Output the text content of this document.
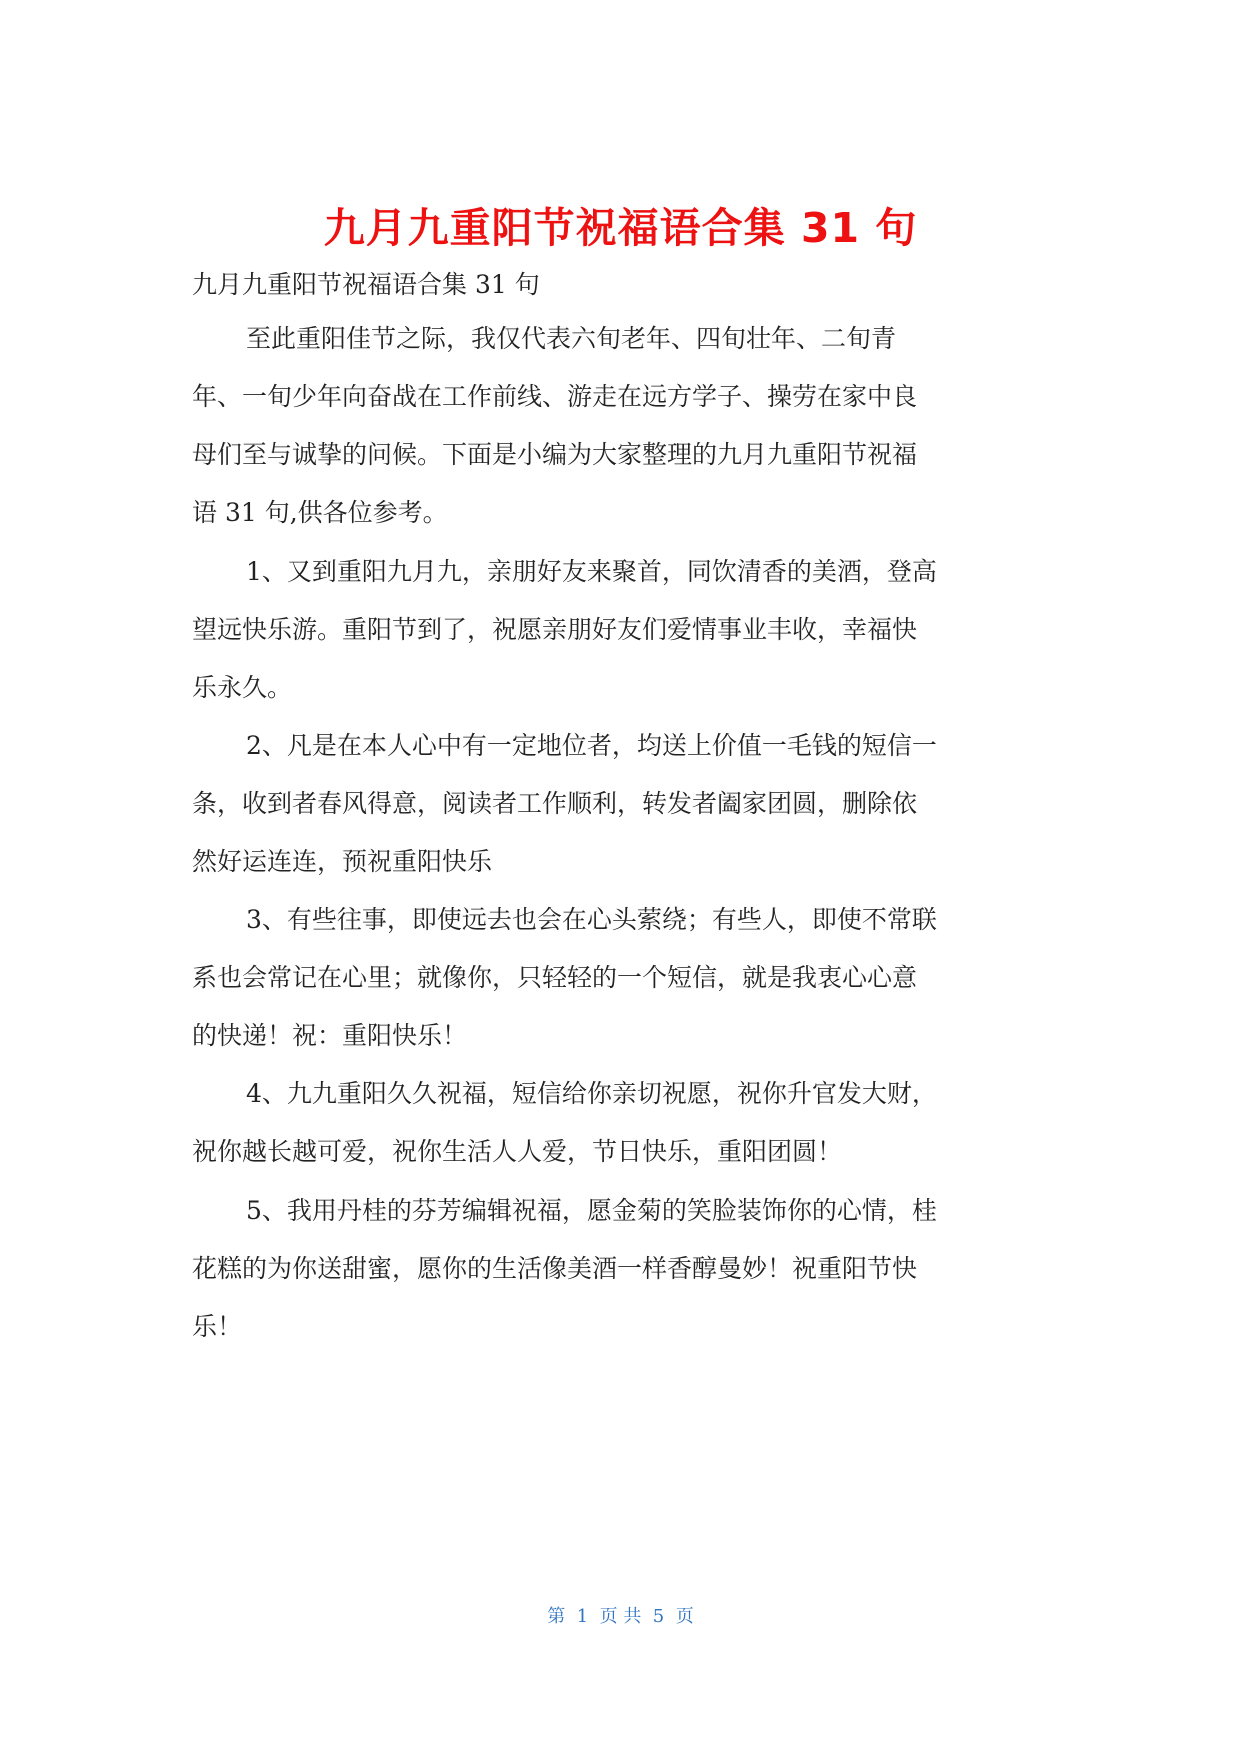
九月九重阳节祝福语合集 31 句
九月九重阳节祝福语合集 31 句
至此重阳佳节之际，我仅代表六旬老年、四旬壮年、二旬青
年、一旬少年向奋战在工作前线、游走在远方学子、操劳在家中良
母们至与诚挚的问候。下面是小编为大家整理的九月九重阳节祝福
语 31 句,供各位参考。
1、又到重阳九月九，亲朋好友来聚首，同饮清香的美酒，登高
望远快乐游。重阳节到了，祝愿亲朋好友们爱情事业丰收，幸福快
乐永久。
2、凡是在本人心中有一定地位者，均送上价值一毛钱的短信一
条，收到者春风得意，阅读者工作顺利，转发者阖家团圆，删除依
然好运连连，预祝重阳快乐
3、有些往事，即使远去也会在心头萦绕；有些人，即使不常联
系也会常记在心里；就像你，只轻轻的一个短信，就是我衷心心意
的快递！祝：重阳快乐！
4、九九重阳久久祝福，短信给你亲切祝愿，祝你升官发大财，
祝你越长越可爱，祝你生活人人爱，节日快乐，重阳团圆！
5、我用丹桂的芬芳编辑祝福，愿金菊的笑脸装饰你的心情，桂
花糕的为你送甜蜜，愿你的生活像美酒一样香醇曼妙！祝重阳节快
乐！
第  1  页 共  5  页
